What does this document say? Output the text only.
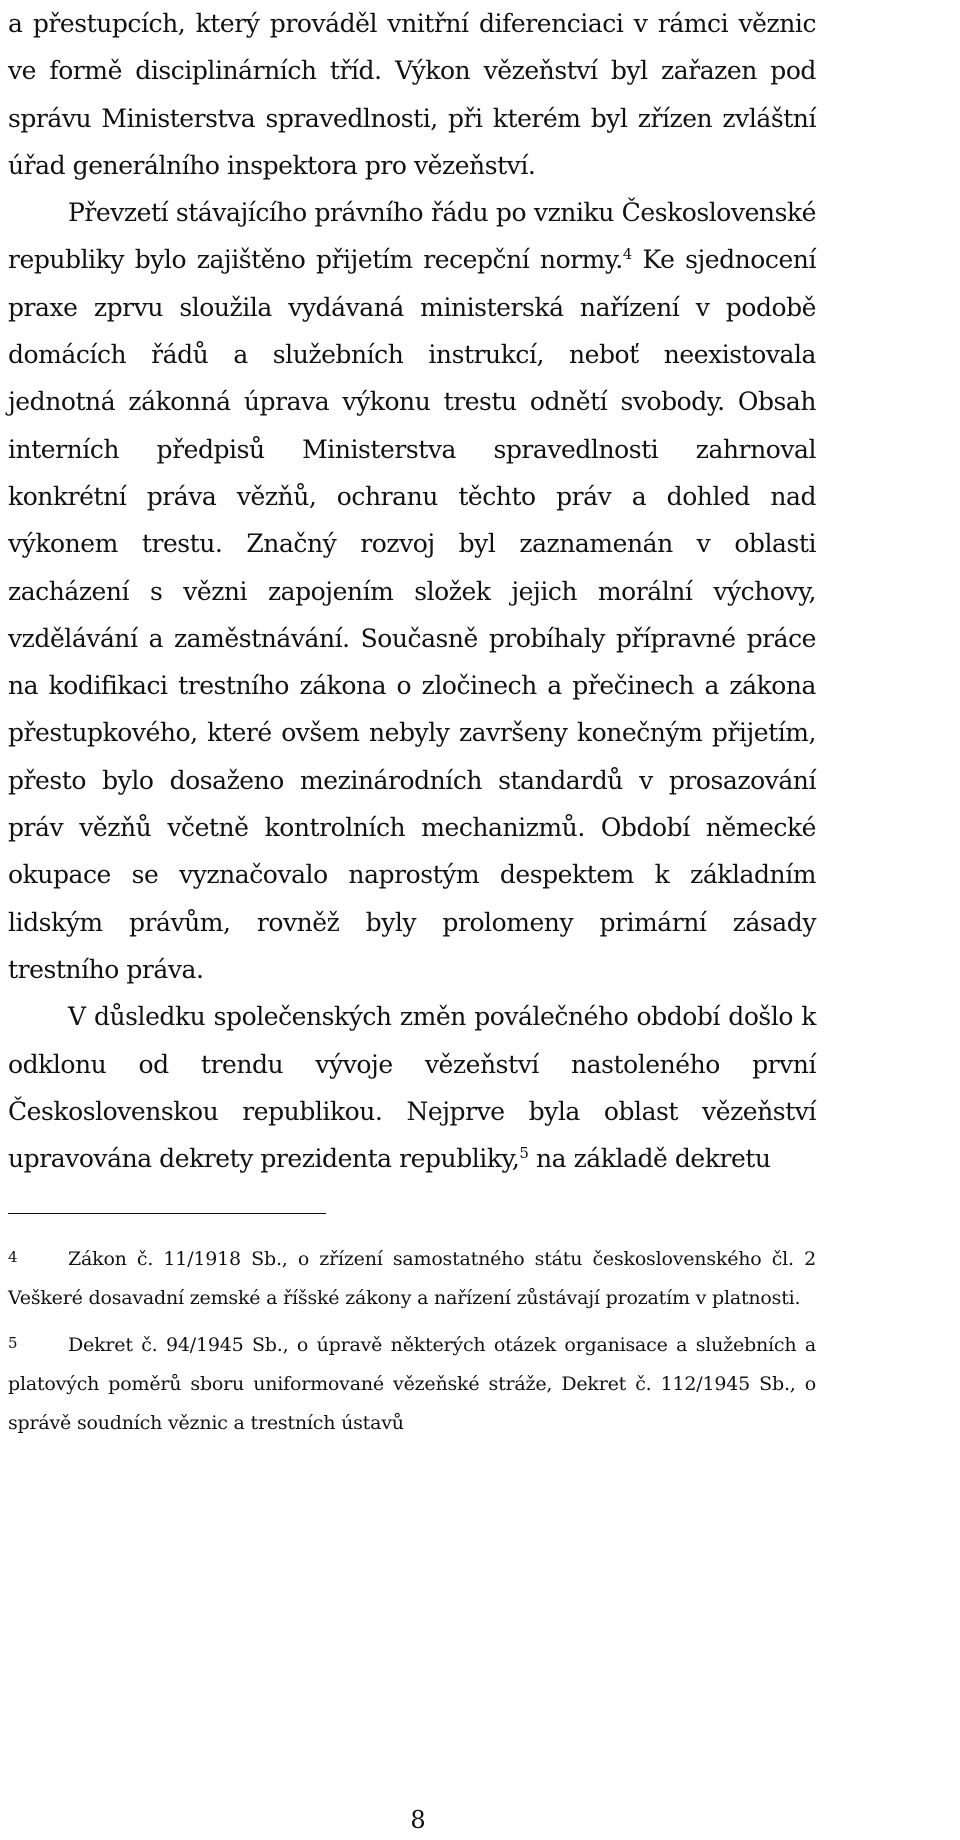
a přestupcích, který prováděl vnitřní diferenciaci v rámci věznic ve formě disciplinárních tříd. Výkon vězeňství byl zařazen pod správu Ministerstva spravedlnosti, při kterém byl zřízen zvláštní úřad generálního inspektora pro vězeňství.

Převzetí stávajícího právního řádu po vzniku Československé republiky bylo zajištěno přijetím recepční normy.$^4$ Ke sjednocení praxe zprvu sloužila vydávaná ministerská nařízení v podobě domácích řádů a služebních instrukcí, neboť neexistovala jednotná zákonná úprava výkonu trestu odnětí svobody. Obsah interních předpisů Ministerstva spravedlnosti zahrnoval konkrétní práva vězňů, ochranu těchto práv a dohled nad výkonem trestu. Značný rozvoj byl zaznamenán v oblasti zacházení s vězni zapojením složek jejich morální výchovy, vzdělávání a zaměstnávání. Současně probíhaly přípravné práce na kodifikaci trestního zákona o zločinech a přečinech a zákona přestupkového, které ovšem nebyly završeny konečným přijetím, přesto bylo dosaženo mezinárodních standardů v prosazování práv vězňů včetně kontrolních mechanizmů. Období německé okupace se vyznačovalo naprostým despektem k základním lidským právům, rovněž byly prolomeny primární zásady trestního práva.

V důsledku společenských změn poválečného období došlo k odklonu od trendu vývoje vězeňství nastoleného první Československou republikou. Nejprve byla oblast vězeňství upravována dekrety prezidenta republiky,$^5$ na základě dekretu

4	Zákon č. 11/1918 Sb., o zřízení samostatného státu československého čl. 2 Veškeré dosavadní zemské a říšské zákony a nařízení zůstávají prozatím v platnosti.

5	Dekret č. 94/1945 Sb., o úpravě některých otázek organisace a služebních a platových poměrů sboru uniformované vězeňské stráže, Dekret č. 112/1945 Sb., o správě soudních věznic a trestních ústavů

8
